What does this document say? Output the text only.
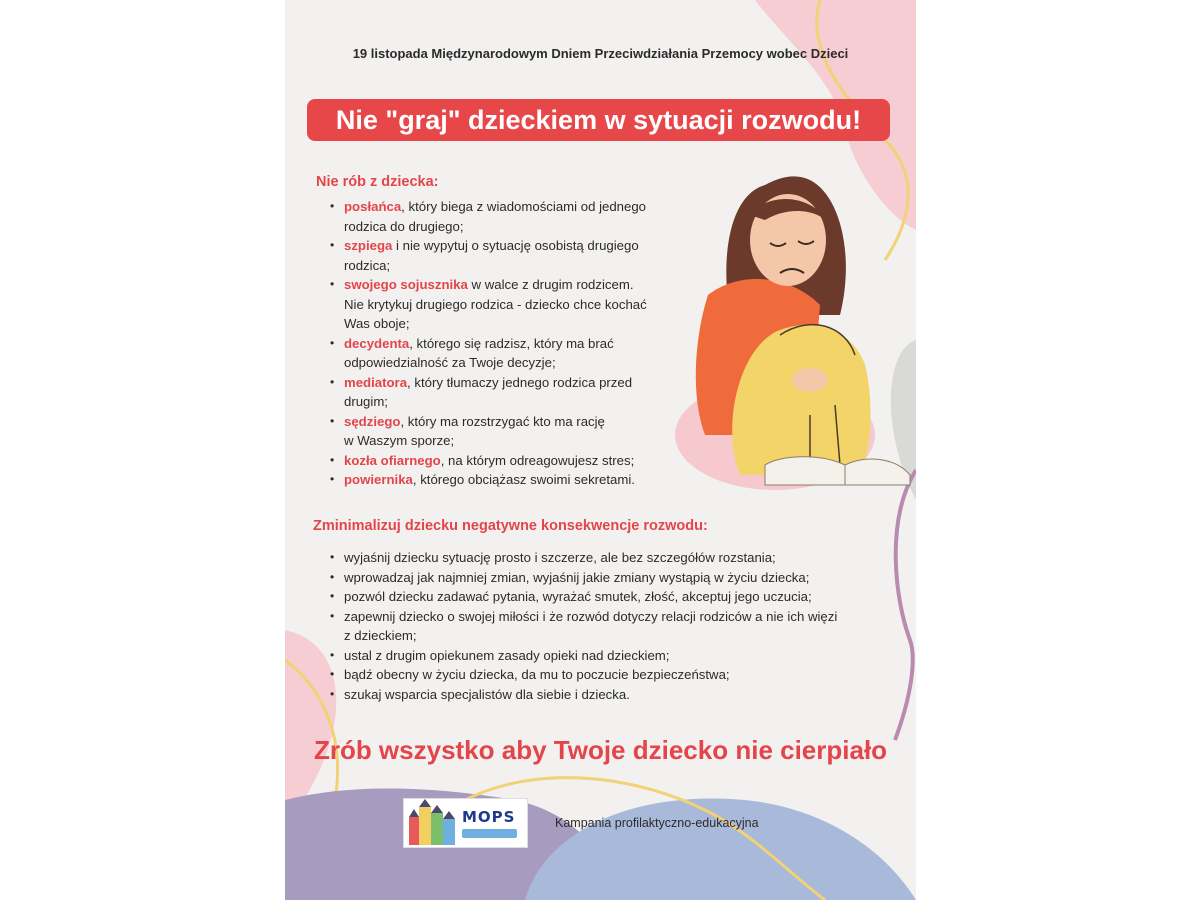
19 listopada Międzynarodowym Dniem Przeciwdziałania Przemocy wobec Dzieci
Nie "graj" dzieckiem w sytuacji rozwodu!
Nie rób z dziecka:
• posłańca, który biega z wiadomościami od jednego
rodzica do drugiego;
• szpiega i nie wypytuj o sytuację osobistą drugiego
rodzica;
• swojego sojusznika w walce z drugim rodzicem.
Nie krytykuj drugiego rodzica - dziecko chce kochać
Was oboje;
• decydenta, którego się radzisz, który ma brać
odpowiedzialność za Twoje decyzje;
• mediatora, który tłumaczy jednego rodzica przed
drugim;
• sędziego, który ma rozstrzygać kto ma rację
w Waszym sporze;
• kozła ofiarnego, na którym odreagowujesz stres;
• powiernika, którego obciążasz swoimi sekretami.
Zminimalizuj dziecku negatywne konsekwencje rozwodu:
• wyjaśnij dziecku sytuację prosto i szczerze, ale bez szczegółów rozstania;
• wprowadzaj jak najmniej zmian, wyjaśnij jakie zmiany wystąpią w życiu dziecka;
• pozwól dziecku zadawać pytania, wyrażać smutek, złość, akceptuj jego uczucia;
• zapewnij dziecko o swojej miłości i że rozwód dotyczy relacji rodziców a nie ich więzi
z dzieckiem;
• ustal z drugim opiekunem zasady opieki nad dzieckiem;
• bądź obecny w życiu dziecka, da mu to poczucie bezpieczeństwa;
• szukaj wsparcia specjalistów dla siebie i dziecka.
Zrób wszystko aby Twoje dziecko nie cierpiało
MOPS	Kampania profilaktyczno-edukacyjna
